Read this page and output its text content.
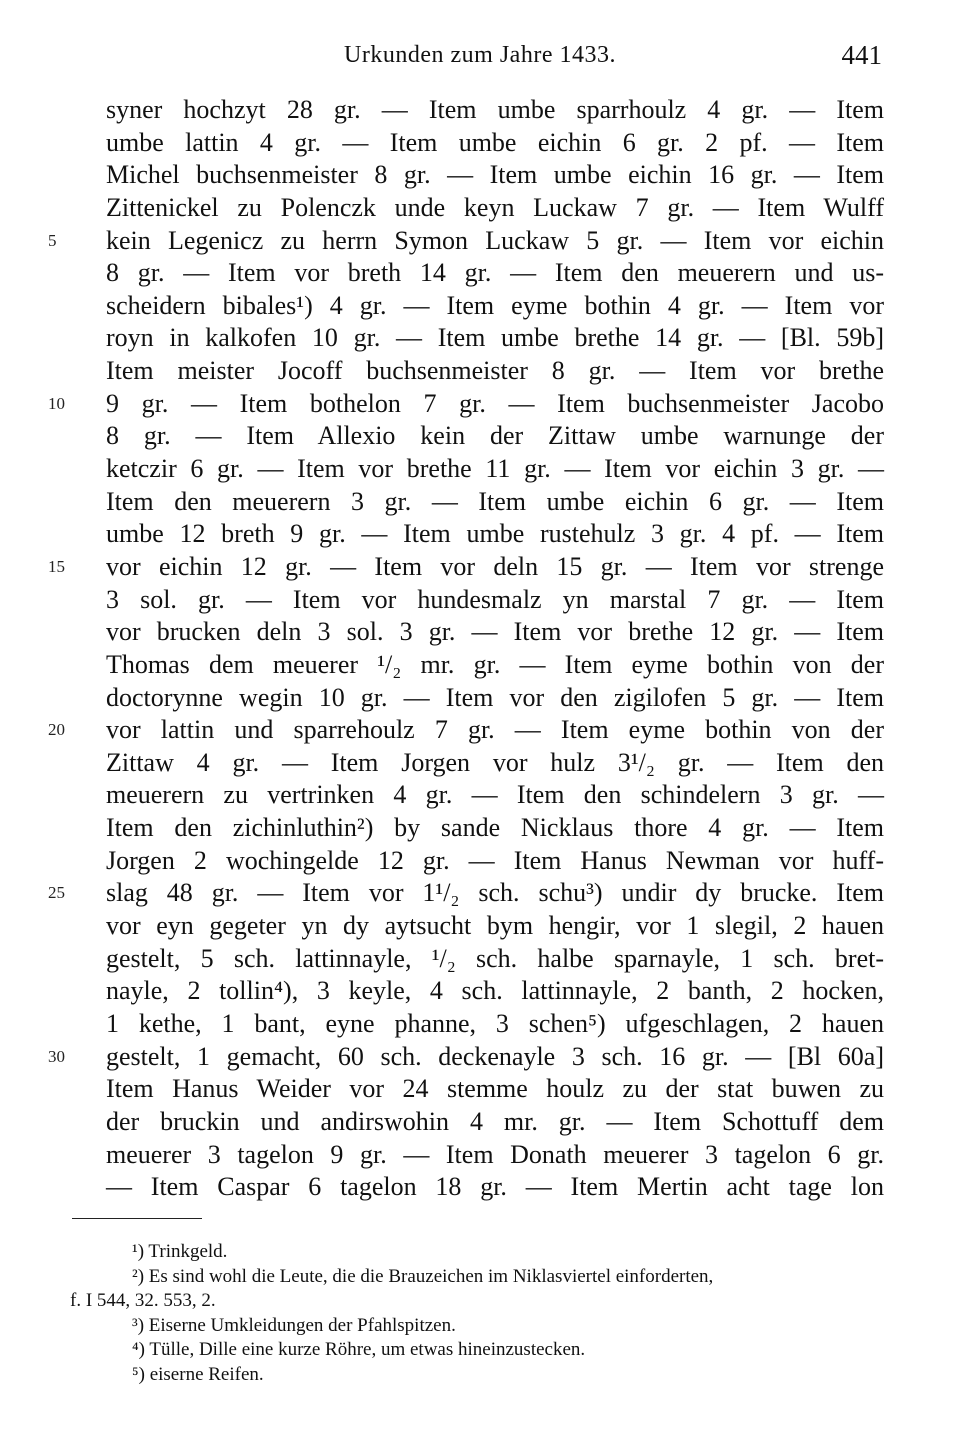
Urkunden zum Jahre 1433.	441
syner hochzyt 28 gr. — Item umbe sparrhoulz 4 gr. — Item
umbe lattin 4 gr. — Item umbe eichin 6 gr. 2 pf. — Item
Michel buchsenmeister 8 gr. — Item umbe eichin 16 gr. — Item
Zittenickel zu Polenczk unde keyn Luckaw 7 gr. — Item Wulff
5	kein Legenicz zu herrn Symon Luckaw 5 gr. — Item vor eichin
8 gr. — Item vor breth 14 gr. — Item den meuerern und us-
scheidern bibales¹) 4 gr. — Item eyme bothin 4 gr. — Item vor
royn in kalkofen 10 gr. — Item umbe brethe 14 gr. — [Bl. 59b]
Item meister Jocoff buchsenmeister 8 gr. — Item vor brethe
10	9 gr. — Item bothelon 7 gr. — Item buchsenmeister Jacobo
8 gr. — Item Allexio kein der Zittaw umbe warnunge der
ketczir 6 gr. — Item vor brethe 11 gr. — Item vor eichin 3 gr. —
Item den meuerern 3 gr. — Item umbe eichin 6 gr. — Item
umbe 12 breth 9 gr. — Item umbe rustehulz 3 gr. 4 pf. — Item
15	vor eichin 12 gr. — Item vor deln 15 gr. — Item vor strenge
3 sol. gr. — Item vor hundesmalz yn marstal 7 gr. — Item
vor brucken deln 3 sol. 3 gr. — Item vor brethe 12 gr. — Item
Thomas dem meuerer ¹/₂ mr. gr. — Item eyme bothin von der
doctorynne wegin 10 gr. — Item vor den zigilofen 5 gr. — Item
20	vor lattin und sparrehoulz 7 gr. — Item eyme bothin von der
Zittaw 4 gr. — Item Jorgen vor hulz 3¹/₂ gr. — Item den
meuerern zu vertrinken 4 gr. — Item den schindelern 3 gr. —
Item den zichinluthin²) by sande Nicklaus thore 4 gr. — Item
Jorgen 2 wochingelde 12 gr. — Item Hanus Newman vor huff-
25	slag 48 gr. — Item vor 1¹/₂ sch. schu³) undir dy brucke. Item
vor eyn gegeter yn dy aytsucht bym hengir, vor 1 slegil, 2 hauen
gestelt, 5 sch. lattinnayle, ¹/₂ sch. halbe sparnayle, 1 sch. bret-
nayle, 2 tollin⁴), 3 keyle, 4 sch. lattinnayle, 2 banth, 2 hocken,
1 kethe, 1 bant, eyne phanne, 3 schen⁵) ufgeschlagen, 2 hauen
30	gestelt, 1 gemacht, 60 sch. deckenayle 3 sch. 16 gr. — [Bl 60a]
Item Hanus Weider vor 24 stemme houlz zu der stat buwen zu
der bruckin und andirswohin 4 mr. gr. — Item Schottuff dem
meuerer 3 tagelon 9 gr. — Item Donath meuerer 3 tagelon 6 gr.
— Item Caspar 6 tagelon 18 gr. — Item Mertin acht tage lon
¹) Trinkgeld.
²) Es sind wohl die Leute, die die Brauzeichen im Niklasviertel einforderten,
f. I 544, 32. 553, 2.
³) Eiserne Umkleidungen der Pfahlspitzen.
⁴) Tülle, Dille eine kurze Röhre, um etwas hineinzustecken.
⁵) eiserne Reifen.
